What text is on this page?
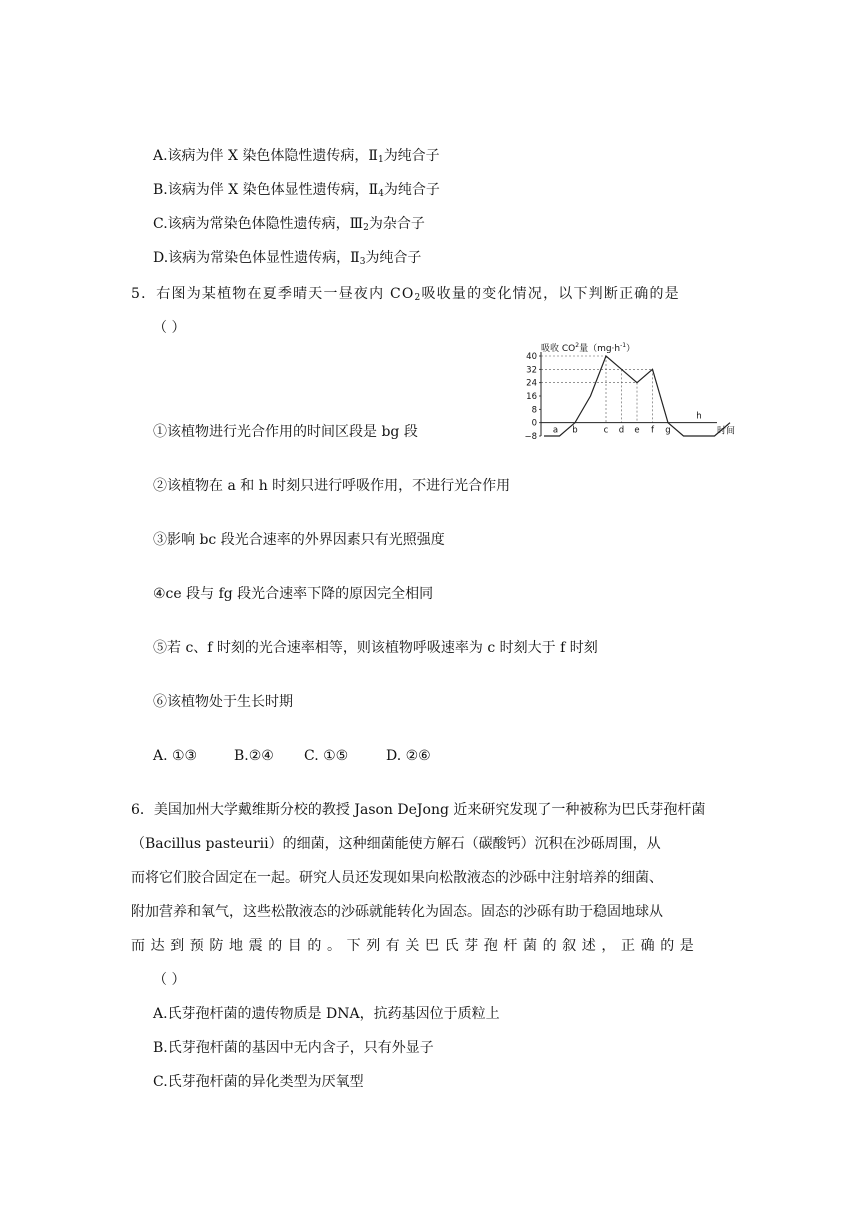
A.该病为伴 X 染色体隐性遗传病，$Ⅱ_1$为纯合子
B.该病为伴 X 染色体显性遗传病，$Ⅱ_4$为纯合子
C.该病为常染色体隐性遗传病，$Ⅲ_2$为杂合子
D.该病为常染色体显性遗传病，$Ⅱ_3$为纯合子
5．右图为某植物在夏季晴天一昼夜内 $CO_2$吸收量的变化情况，以下判断正确的是
（ ）
吸收 $CO^2$量$(mg\cdot h^{-1})$
40
32
24
16
8
0
−8
a b	c d e f g
h
时间
①该植物进行光合作用的时间区段是 bg 段
②该植物在 a 和 h 时刻只进行呼吸作用，不进行光合作用
③影响 bc 段光合速率的外界因素只有光照强度
④ce 段与 fg 段光合速率下降的原因完全相同
⑤若 c、f 时刻的光合速率相等，则该植物呼吸速率为 c 时刻大于 f 时刻
⑥该植物处于生长时期
A. ①③	B.②④ C. ①⑤	D. ②⑥
6．美国加州大学戴维斯分校的教授 Jason DeJong 近来研究发现了一种被称为巴氏芽孢杆菌
（Bacillus pasteurii）的细菌，这种细菌能使方解石（碳酸钙）沉积在沙砾周围，从
而将它们胶合固定在一起。研究人员还发现如果向松散液态的沙砾中注射培养的细菌、
附加营养和氧气，这些松散液态的沙砾就能转化为固态。固态的沙砾有助于稳固地球从
而达到预防地震的目的。下列有关巴氏芽孢杆菌的叙述，正确的是
（ ）
A.氏芽孢杆菌的遗传物质是 DNA，抗药基因位于质粒上
B.氏芽孢杆菌的基因中无内含子，只有外显子
C.氏芽孢杆菌的异化类型为厌氧型
